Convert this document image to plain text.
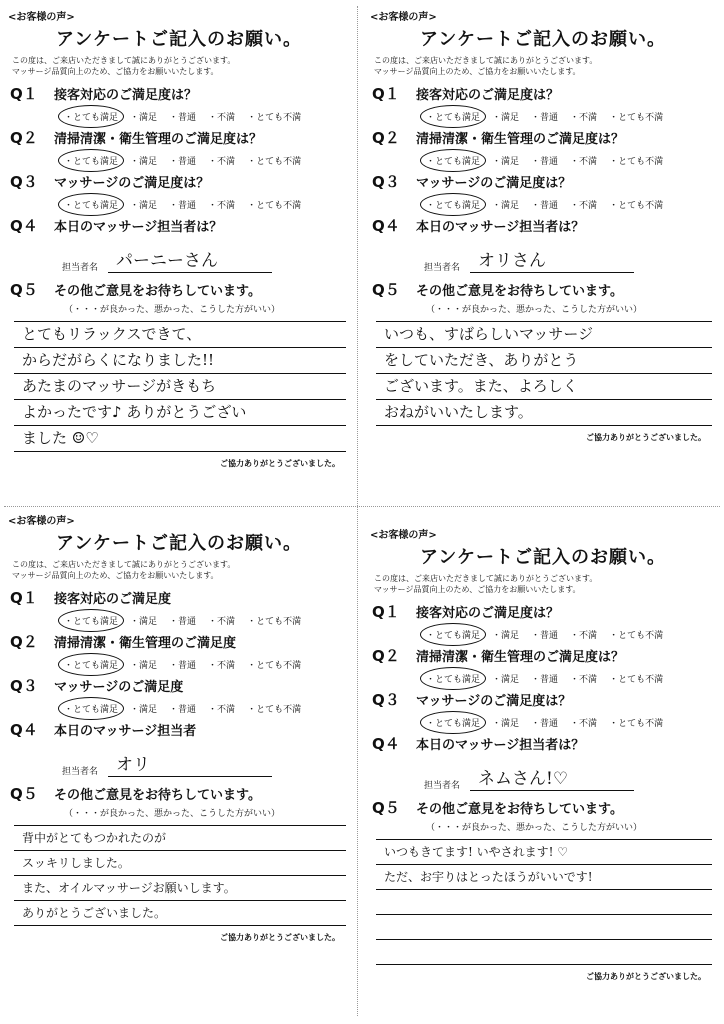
<お客様の声>
アンケートご記入のお願い。
この度は、ご来店いただきまして誠にありがとうございます。
マッサージ品質向上のため、ご協力をお願いいたします。
Q１	接客対応のご満足度は？
・とても満足 ・満足 ・普通 ・不満 ・とても不満
Q２	清掃清潔・衛生管理のご満足度は？
・とても満足 ・満足 ・普通 ・不満 ・とても不満
Q３	マッサージのご満足度は？
・とても満足 ・満足 ・普通 ・不満 ・とても不満
Q４	本日のマッサージ担当者は？
担当者名	パーニーさん
Q５	その他ご意見をお待ちしています。
（・・・が良かった、悪かった、こうした方がいい）
とてもリラックスできて、
からだがらくになりました!!
あたまのマッサージがきもち
よかったです♪ ありがとうござい
ました ☺♡
ご協力ありがとうございました。
<お客様の声>
アンケートご記入のお願い。
この度は、ご来店いただきまして誠にありがとうございます。
マッサージ品質向上のため、ご協力をお願いいたします。
Q１	接客対応のご満足度は？
・とても満足 ・満足 ・普通 ・不満 ・とても不満
Q２	清掃清潔・衛生管理のご満足度は？
・とても満足 ・満足 ・普通 ・不満 ・とても不満
Q３	マッサージのご満足度は？
・とても満足 ・満足 ・普通 ・不満 ・とても不満
Q４	本日のマッサージ担当者は？
担当者名	オリさん
Q５	その他ご意見をお待ちしています。
（・・・が良かった、悪かった、こうした方がいい）
いつも、すばらしいマッサージ
をしていただき、ありがとう
ございます。また、よろしく
おねがいいたします。
ご協力ありがとうございました。
<お客様の声>
アンケートご記入のお願い。
この度は、ご来店いただきまして誠にありがとうございます。
マッサージ品質向上のため、ご協力をお願いいたします。
Q１	接客対応のご満足度
・とても満足 ・満足 ・普通 ・不満 ・とても不満
Q２	清掃清潔・衛生管理のご満足度
・とても満足 ・満足 ・普通 ・不満 ・とても不満
Q３	マッサージのご満足度
・とても満足 ・満足 ・普通 ・不満 ・とても不満
Q４	本日のマッサージ担当者
担当者名	オリ
Q５	その他ご意見をお待ちしています。
（・・・が良かった、悪かった、こうした方がいい）
背中がとてもつかれたのが
スッキリしました。
また、オイルマッサージお願いします。
ありがとうございました。
ご協力ありがとうございました。
<お客様の声>
アンケートご記入のお願い。
この度は、ご来店いただきまして誠にありがとうございます。
マッサージ品質向上のため、ご協力をお願いいたします。
Q１	接客対応のご満足度は？
・とても満足 ・満足 ・普通 ・不満 ・とても不満
Q２	清掃清潔・衛生管理のご満足度は？
・とても満足 ・満足 ・普通 ・不満 ・とても不満
Q３	マッサージのご満足度は？
・とても満足 ・満足 ・普通 ・不満 ・とても不満
Q４	本日のマッサージ担当者は？
担当者名	ネムさん!♡
Q５	その他ご意見をお待ちしています。
（・・・が良かった、悪かった、こうした方がいい）
いつもきてます! いやされます! ♡
ただ、お宇りはとったほうがいいです!
ご協力ありがとうございました。
